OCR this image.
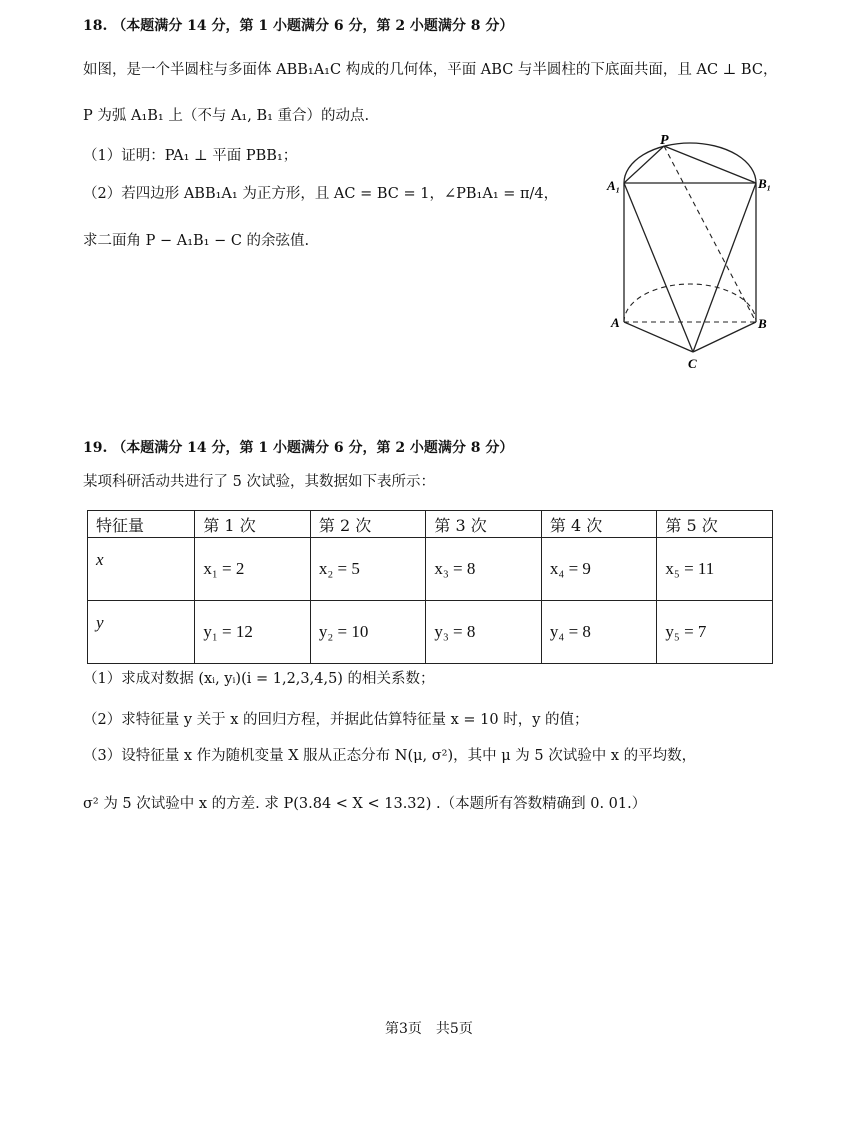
18. （本题满分 14 分，第 1 小题满分 6 分，第 2 小题满分 8 分）
如图，是一个半圆柱与多面体 ABB₁A₁C 构成的几何体，平面 ABC 与半圆柱的下底面共面，且 AC ⊥ BC，
P 为弧 A₁B₁ 上（不与 A₁, B₁ 重合）的动点.
（1）证明：PA₁ ⊥ 平面 PBB₁；
（2）若四边形 ABB₁A₁ 为正方形，且 AC = BC = 1，∠PB₁A₁ = π/4，
求二面角 P − A₁B₁ − C 的余弦值.
P
A₁	B₁
A	B
C
19. （本题满分 14 分，第 1 小题满分 6 分，第 2 小题满分 8 分）
某项科研活动共进行了 5 次试验，其数据如下表所示：
特征量	第 1 次	第 2 次	第 3 次	第 4 次	第 5 次
x	x₁ = 2	x₂ = 5	x₃ = 8	x₄ = 9	x₅ = 11
y	y₁ = 12	y₂ = 10	y₃ = 8	y₄ = 8	y₅ = 7
（1）求成对数据 (xᵢ, yᵢ)(i = 1,2,3,4,5) 的相关系数；
（2）求特征量 y 关于 x 的回归方程，并据此估算特征量 x = 10 时，y 的值；
（3）设特征量 x 作为随机变量 X 服从正态分布 N(μ, σ²)，其中 μ 为 5 次试验中 x 的平均数，
σ² 为 5 次试验中 x 的方差. 求 P(3.84 < X < 13.32) .（本题所有答数精确到 0. 01.）
第3页　共5页
